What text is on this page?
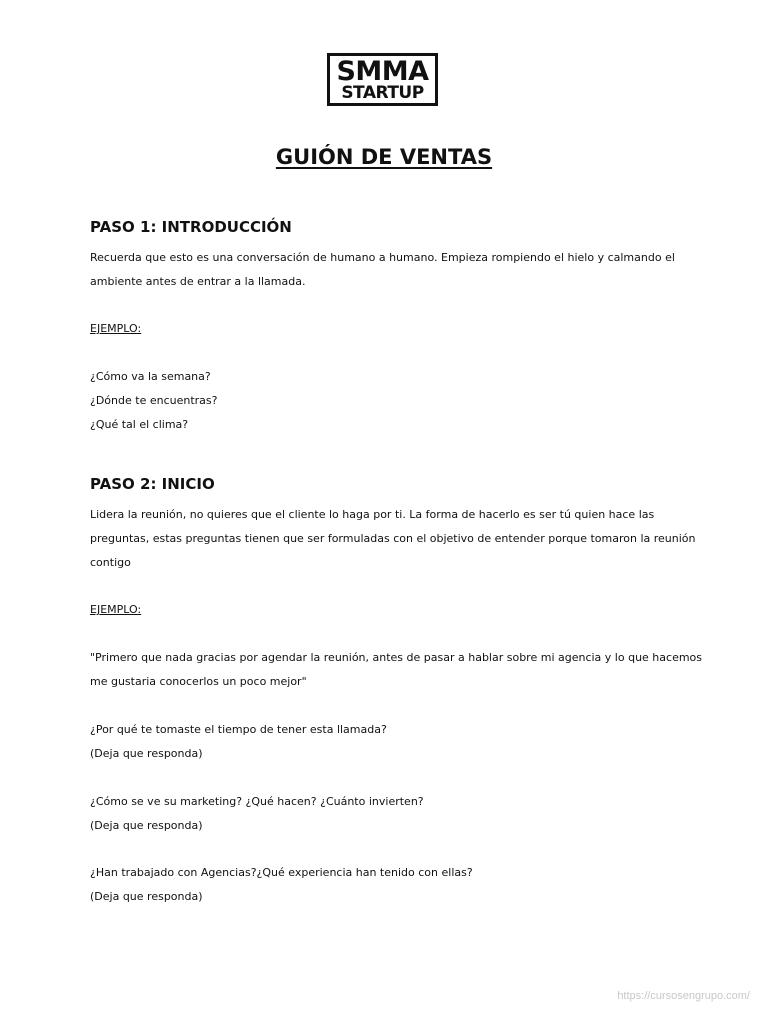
SMMA
STARTUP
GUIÓN DE VENTAS
PASO 1: INTRODUCCIÓN

Recuerda que esto es una conversación de humano a humano. Empieza rompiendo el hielo y calmando el

ambiente antes de entrar a la llamada.

EJEMPLO:

¿Cómo va la semana?

¿Dónde te encuentras?

¿Qué tal el clima?

PASO 2: INICIO

Lidera la reunión, no quieres que el cliente lo haga por ti. La forma de hacerlo es ser tú quien hace las

preguntas, estas preguntas tienen que ser formuladas con el objetivo de entender porque tomaron la reunión

contigo

EJEMPLO:

"Primero que nada gracias por agendar la reunión, antes de pasar a hablar sobre mi agencia y lo que hacemos

me gustaria conocerlos un poco mejor"

¿Por qué te tomaste el tiempo de tener esta llamada?

(Deja que responda)

¿Cómo se ve su marketing? ¿Qué hacen? ¿Cuánto invierten?

(Deja que responda)

¿Han trabajado con Agencias?¿Qué experiencia han tenido con ellas?

(Deja que responda)

https://cursosengrupo.com/
